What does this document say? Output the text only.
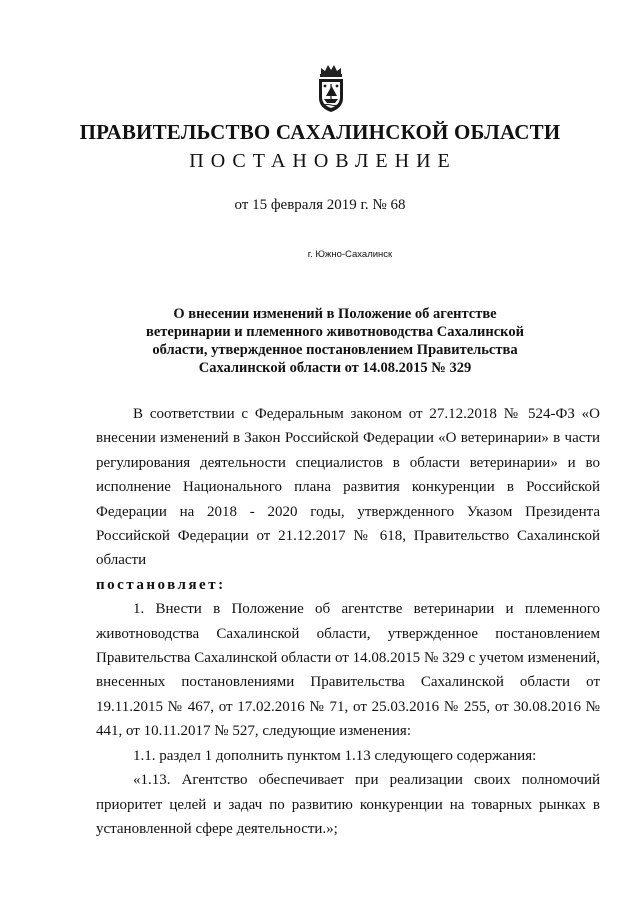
ПРАВИТЕЛЬСТВО САХАЛИНСКОЙ ОБЛАСТИ
ПОСТАНОВЛЕНИЕ
от 15 февраля 2019 г. № 68
г. Южно-Сахалинск
О внесении изменений в Положение об агентстве
ветеринарии и племенного животноводства Сахалинской
области, утвержденное постановлением Правительства
Сахалинской области от 14.08.2015 № 329

В соответствии с Федеральным законом от 27.12.2018 № 524-ФЗ «О внесении изменений в Закон Российской Федерации «О ветеринарии» в части регулирования деятельности специалистов в области ветеринарии» и во исполнение Национального плана развития конкуренции в Российской Федерации на 2018 - 2020 годы, утвержденного Указом Президента Российской Федерации от 21.12.2017 № 618, Правительство Сахалинской области

постановляет:

1. Внести в Положение об агентстве ветеринарии и племенного животноводства Сахалинской области, утвержденное постановлением Правительства Сахалинской области от 14.08.2015 № 329 с учетом изменений, внесенных постановлениями Правительства Сахалинской области от 19.11.2015 № 467, от 17.02.2016 № 71, от 25.03.2016 № 255, от 30.08.2016 № 441, от 10.11.2017 № 527, следующие изменения:

1.1. раздел 1 дополнить пунктом 1.13 следующего содержания:

«1.13. Агентство обеспечивает при реализации своих полномочий приоритет целей и задач по развитию конкуренции на товарных рынках в установленной сфере деятельности.»;
